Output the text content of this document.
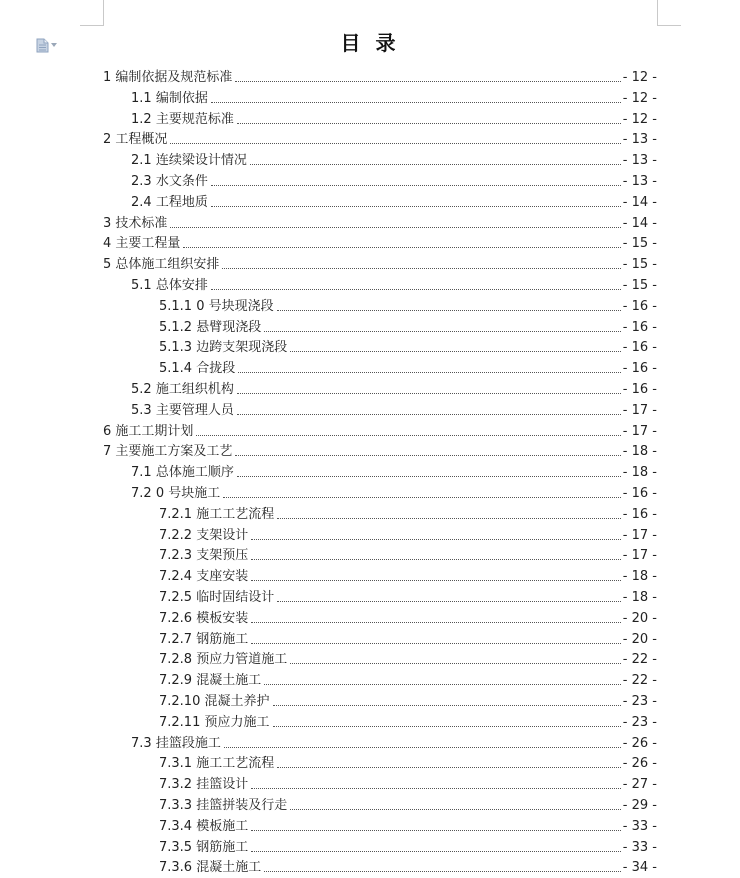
目 录
1 编制依据及规范标准	- 12 -
1.1 编制依据	- 12 -
1.2 主要规范标准	- 12 -
2 工程概况	- 13 -
2.1 连续梁设计情况	- 13 -
2.3 水文条件	- 13 -
2.4 工程地质	- 14 -
3 技术标准	- 14 -
4 主要工程量	- 15 -
5 总体施工组织安排	- 15 -
5.1 总体安排	- 15 -
5.1.1 0 号块现浇段	- 16 -
5.1.2 悬臂现浇段	- 16 -
5.1.3 边跨支架现浇段	- 16 -
5.1.4 合拢段	- 16 -
5.2 施工组织机构	- 16 -
5.3 主要管理人员	- 17 -
6 施工工期计划	- 17 -
7 主要施工方案及工艺	- 18 -
7.1 总体施工顺序	- 18 -
7.2 0 号块施工	- 16 -
7.2.1 施工工艺流程	- 16 -
7.2.2 支架设计	- 17 -
7.2.3 支架预压	- 17 -
7.2.4 支座安装	- 18 -
7.2.5 临时固结设计	- 18 -
7.2.6 模板安装	- 20 -
7.2.7 钢筋施工	- 20 -
7.2.8 预应力管道施工	- 22 -
7.2.9 混凝土施工	- 22 -
7.2.10 混凝土养护	- 23 -
7.2.11 预应力施工	- 23 -
7.3 挂篮段施工	- 26 -
7.3.1 施工工艺流程	- 26 -
7.3.2 挂篮设计	- 27 -
7.3.3 挂篮拼装及行走	- 29 -
7.3.4 模板施工	- 33 -
7.3.5 钢筋施工	- 33 -
7.3.6 混凝土施工	- 34 -
